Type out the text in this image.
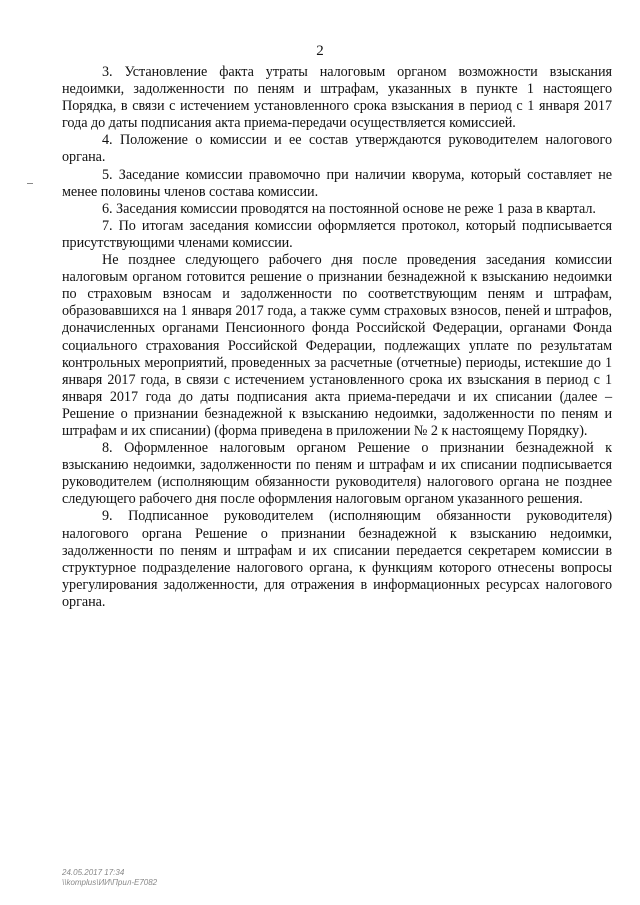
2

3. Установление факта утраты налоговым органом возможности взыскания недоимки, задолженности по пеням и штрафам, указанных в пункте 1 настоящего Порядка, в связи с истечением установленного срока взыскания в период с 1 января 2017 года до даты подписания акта приема-передачи осуществляется комиссией.

4. Положение о комиссии и ее состав утверждаются руководителем налогового органа.

5. Заседание комиссии правомочно при наличии кворума, который составляет не менее половины членов состава комиссии.

6. Заседания комиссии проводятся на постоянной основе не реже 1 раза в квартал.

7. По итогам заседания комиссии оформляется протокол, который подписывается присутствующими членами комиссии.

Не позднее следующего рабочего дня после проведения заседания комиссии налоговым органом готовится решение о признании безнадежной к взысканию недоимки по страховым взносам и задолженности по соответствующим пеням и штрафам, образовавшихся на 1 января 2017 года, а также сумм страховых взносов, пеней и штрафов, доначисленных органами Пенсионного фонда Российской Федерации, органами Фонда социального страхования Российской Федерации, подлежащих уплате по результатам контрольных мероприятий, проведенных за расчетные (отчетные) периоды, истекшие до 1 января 2017 года, в связи с истечением установленного срока их взыскания в период с 1 января 2017 года до даты подписания акта приема-передачи и их списании (далее – Решение о признании безнадежной к взысканию недоимки, задолженности по пеням и штрафам и их списании) (форма приведена в приложении № 2 к настоящему Порядку).

8. Оформленное налоговым органом Решение о признании безнадежной к взысканию недоимки, задолженности по пеням и штрафам и их списании подписывается руководителем (исполняющим обязанности руководителя) налогового органа не позднее следующего рабочего дня после оформления налоговым органом указанного решения.

9. Подписанное руководителем (исполняющим обязанности руководителя) налогового органа Решение о признании безнадежной к взысканию недоимки, задолженности по пеням и штрафам и их списании передается секретарем комиссии в структурное подразделение налогового органа, к функциям которого отнесены вопросы урегулирования задолженности, для отражения в информационных ресурсах налогового органа.

24.05.2017 17:34
\\komplus\ИИ\Прил-Е7082
